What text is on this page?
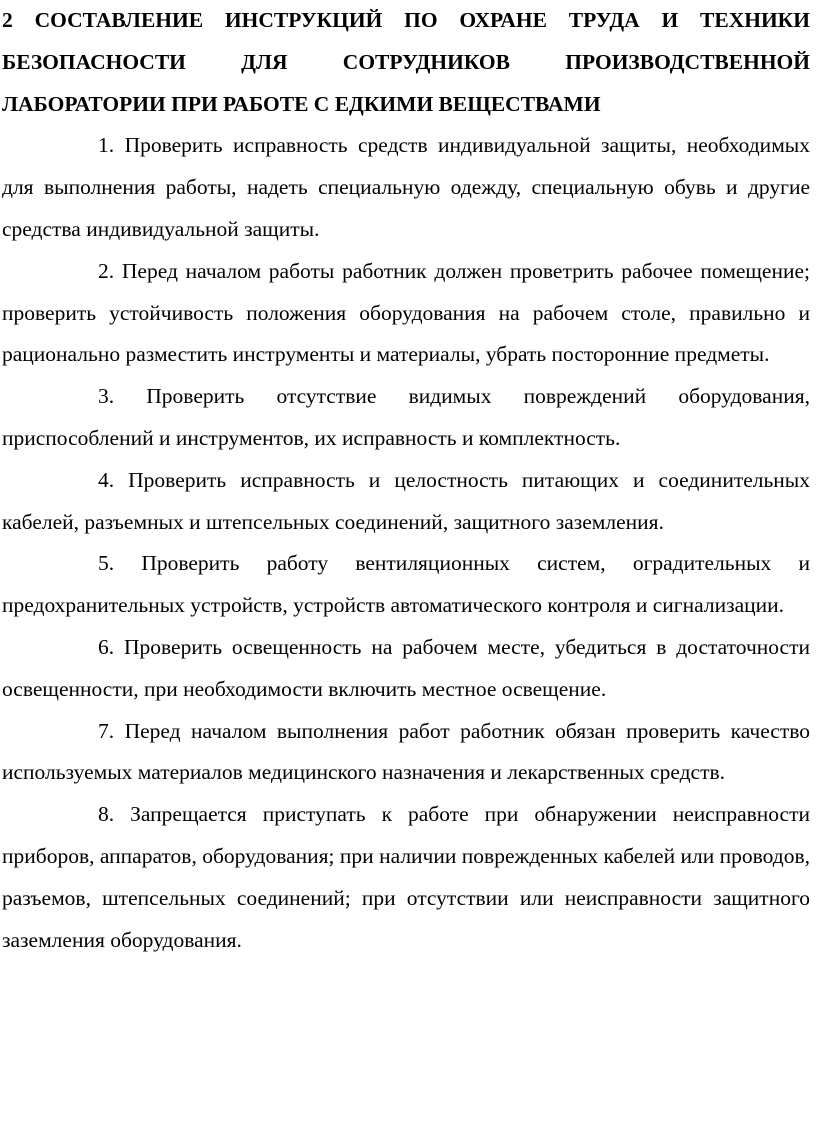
2 СОСТАВЛЕНИЕ ИНСТРУКЦИЙ ПО ОХРАНЕ ТРУДА И ТЕХНИКИ БЕЗОПАСНОСТИ ДЛЯ СОТРУДНИКОВ ПРОИЗВОДСТВЕННОЙ ЛАБОРАТОРИИ ПРИ РАБОТЕ С ЕДКИМИ ВЕЩЕСТВАМИ

1. Проверить исправность средств индивидуальной защиты, необходимых для выполнения работы, надеть специальную одежду, специальную обувь и другие средства индивидуальной защиты.

2. Перед началом работы работник должен проветрить рабочее помещение; проверить устойчивость положения оборудования на рабочем столе, правильно и рационально разместить инструменты и материалы, убрать посторонние предметы.

3. Проверить отсутствие видимых повреждений оборудования, приспособлений и инструментов, их исправность и комплектность.

4. Проверить исправность и целостность питающих и соединительных кабелей, разъемных и штепсельных соединений, защитного заземления.

5. Проверить работу вентиляционных систем, оградительных и предохранительных устройств, устройств автоматического контроля и сигнализации.

6. Проверить освещенность на рабочем месте, убедиться в достаточности освещенности, при необходимости включить местное освещение.

7. Перед началом выполнения работ работник обязан проверить качество используемых материалов медицинского назначения и лекарственных средств.

8. Запрещается приступать к работе при обнаружении неисправности приборов, аппаратов, оборудования; при наличии поврежденных кабелей или проводов, разъемов, штепсельных соединений; при отсутствии или неисправности защитного заземления оборудования.
